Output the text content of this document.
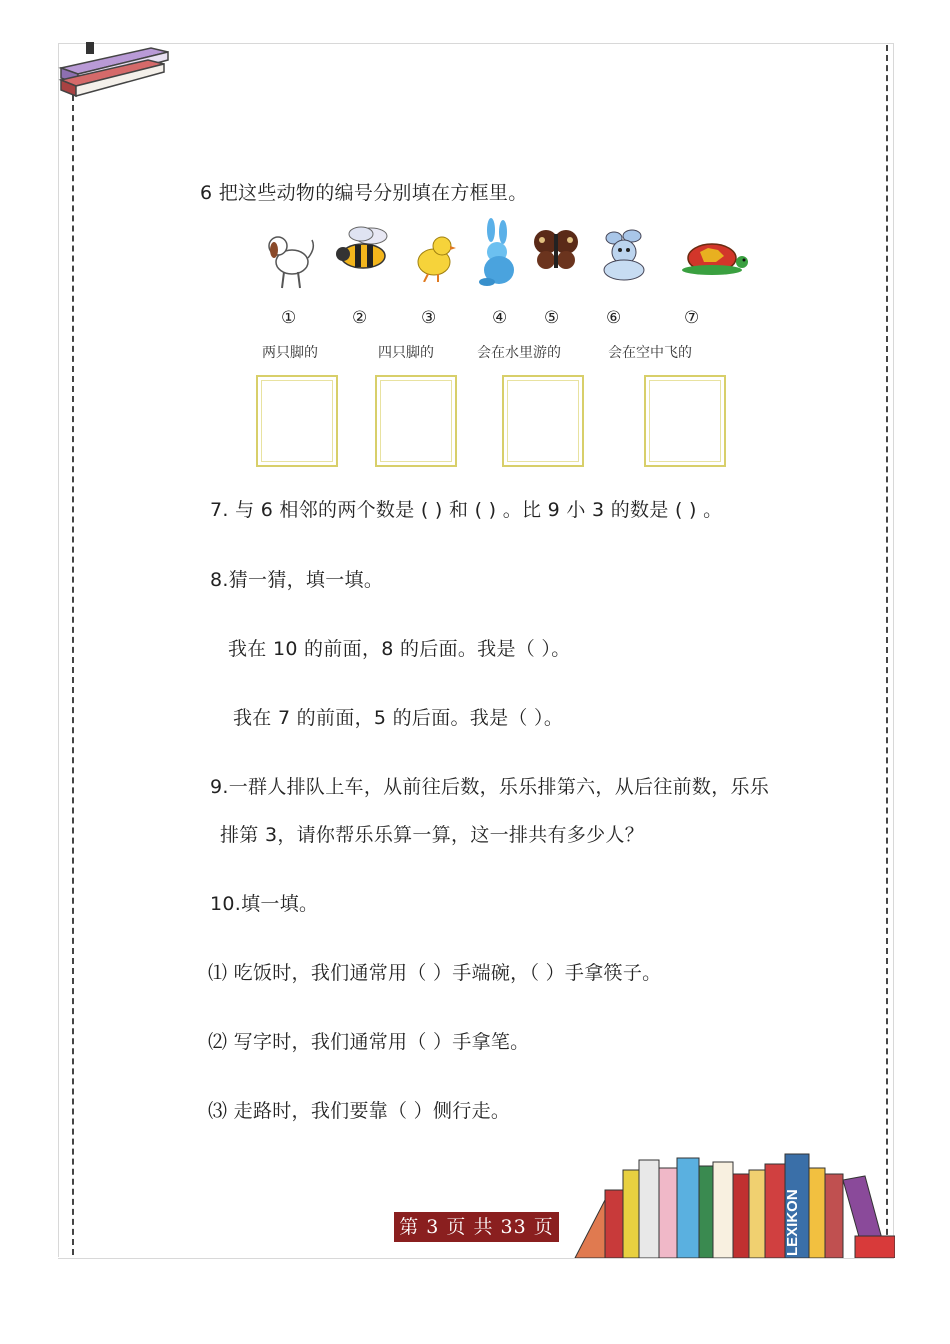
6 把这些动物的编号分别填在方框里。
①	②	③	④ ⑤	⑥	⑦
两只脚的	四只脚的	会在水里游的	会在空中飞的
7. 与 6 相邻的两个数是 ( ) 和 ( ) 。比 9 小 3 的数是 ( ) 。
8.猜一猜，填一填。
我在 10 的前面，8 的后面。我是（ ）。
我在 7 的前面，5 的后面。我是（ ）。
9.一群人排队上车，从前往后数，乐乐排第六，从后往前数，乐乐
排第 3，请你帮乐乐算一算，这一排共有多少人？
10.填一填。
⑴ 吃饭时，我们通常用（ ）手端碗，（ ）手拿筷子。
⑵ 写字时，我们通常用（ ）手拿笔。
⑶ 走路时，我们要靠（ ）侧行走。
第 3 页 共 33 页	LEXIKON
